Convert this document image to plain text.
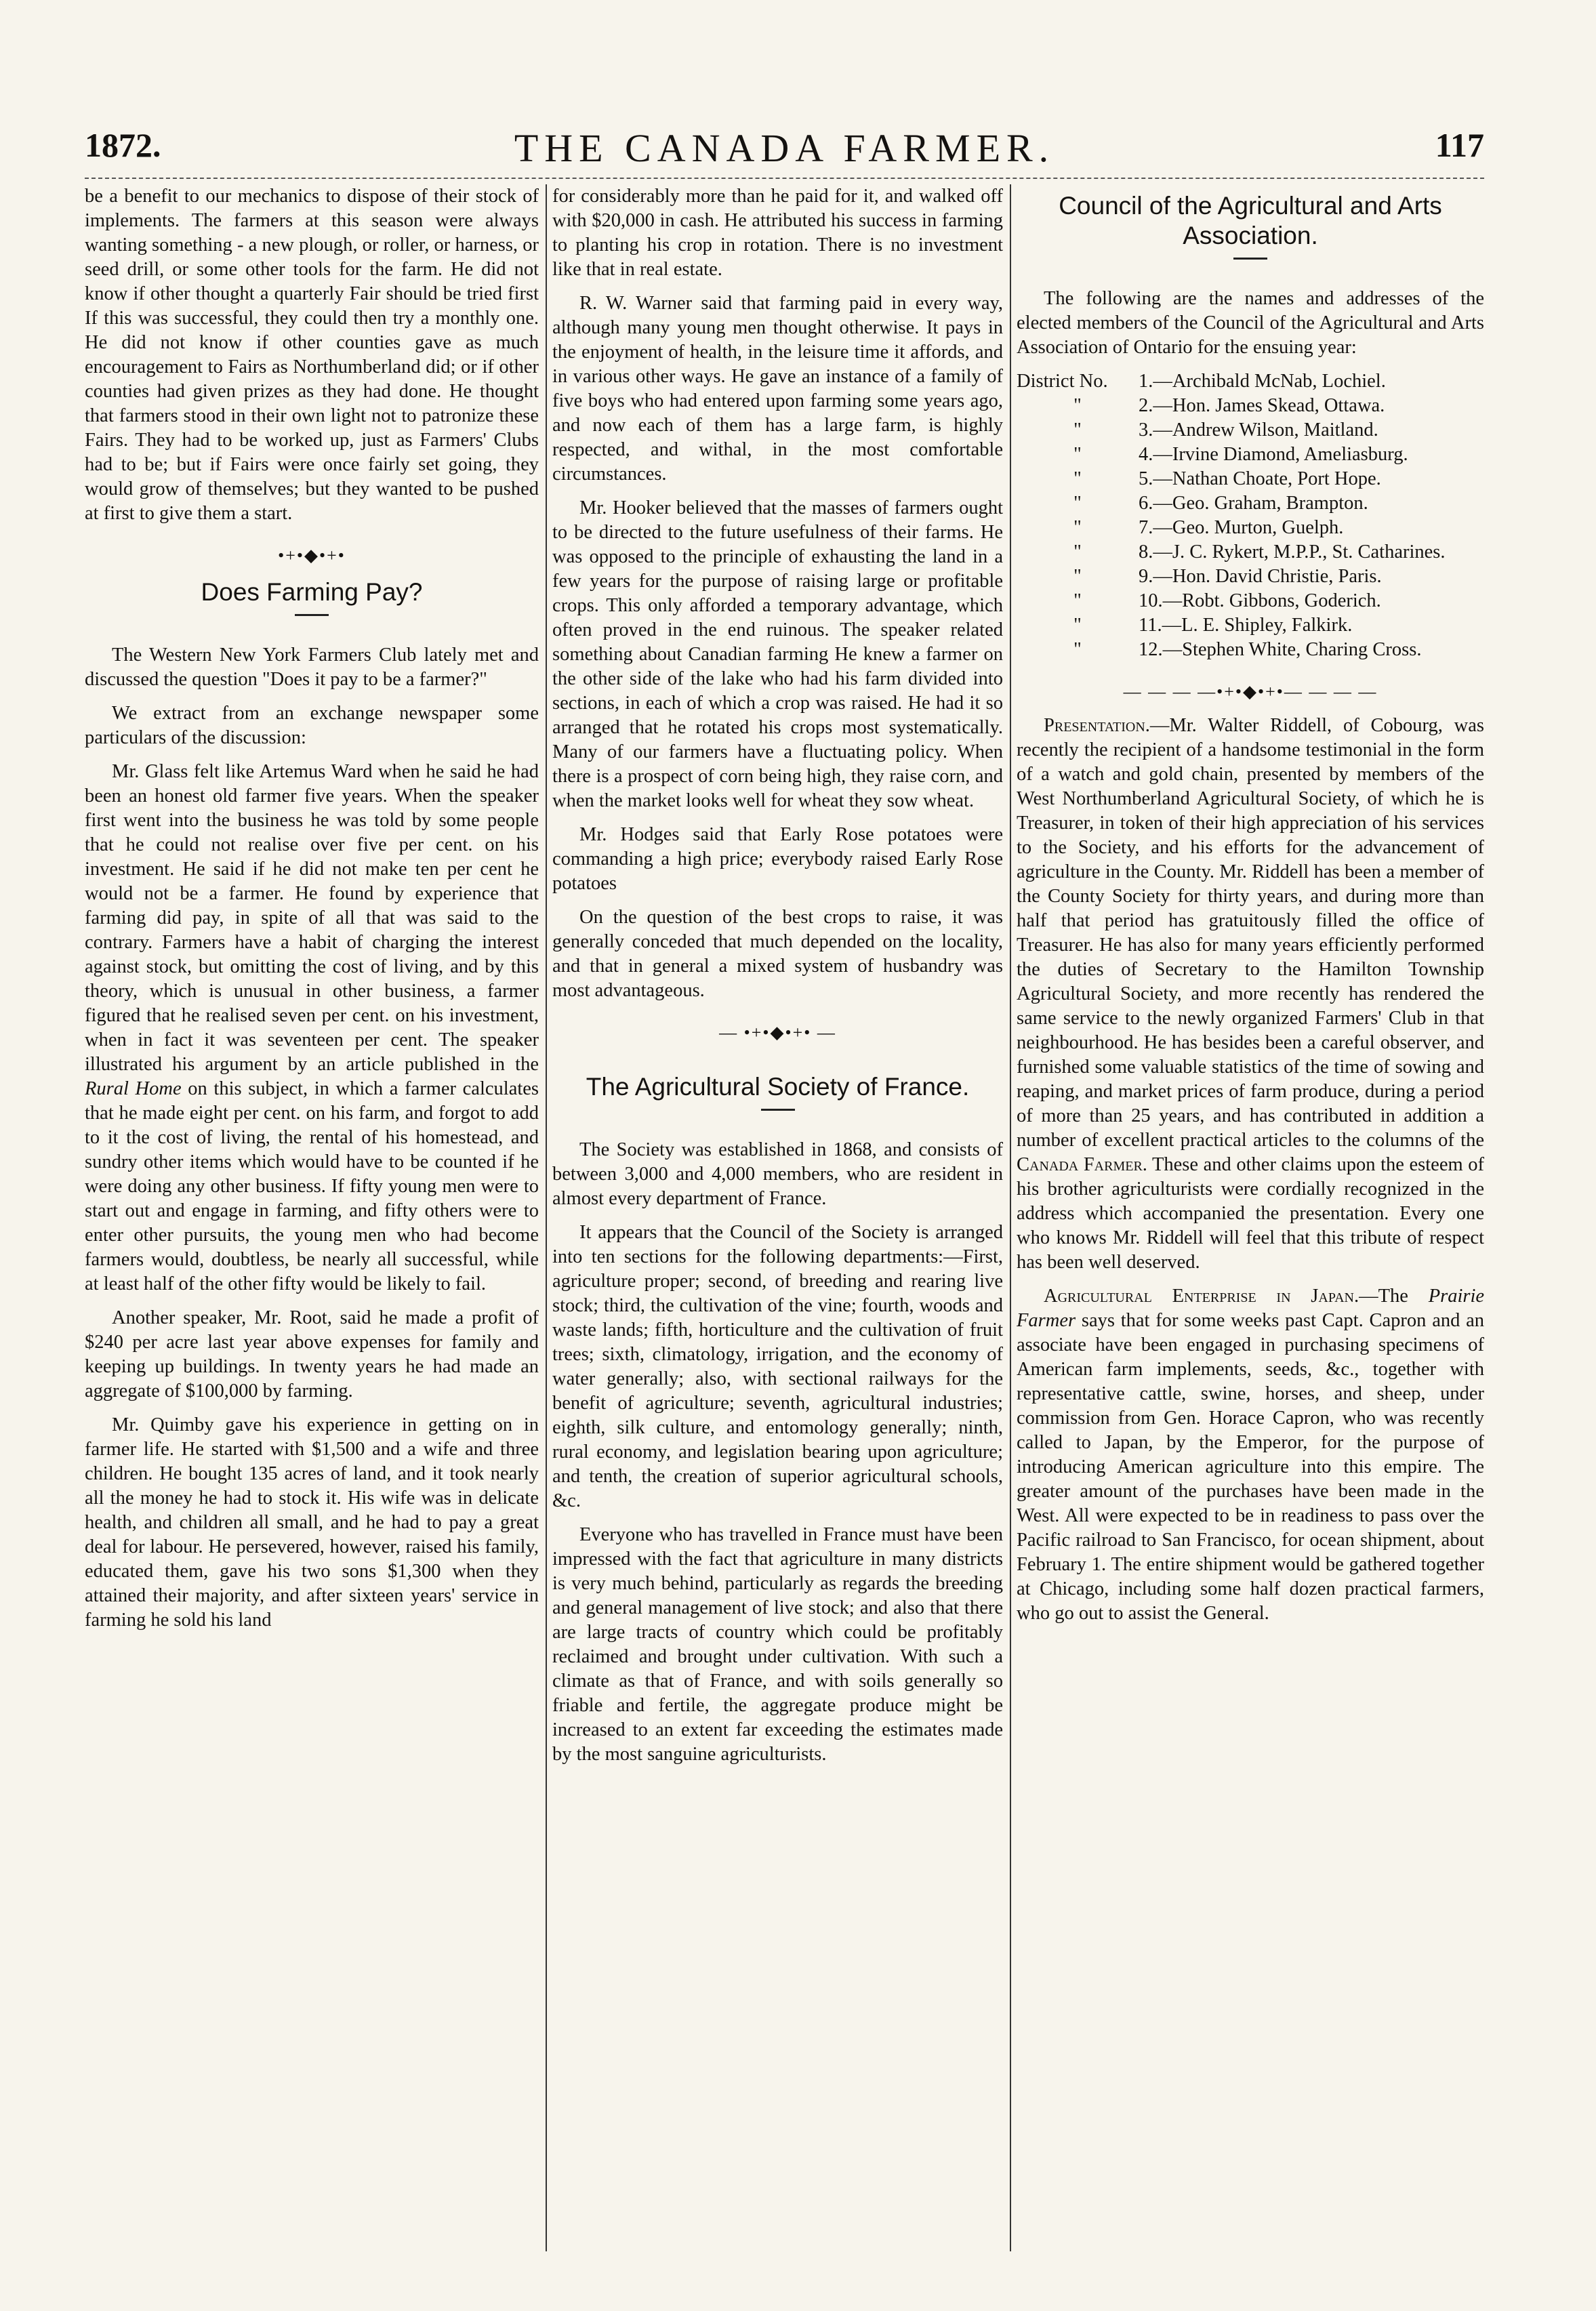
1872.	THE CANADA FARMER.	117

be a benefit to our mechanics to dispose of their stock of implements. The farmers at this season were always wanting something - a new plough, or roller, or harness, or seed drill, or some other tools for the farm. He did not know if other thought a quarterly Fair should be tried first If this was successful, they could then try a monthly one. He did not know if other counties gave as much encouragement to Fairs as Northumberland did; or if other counties had given prizes as they had done. He thought that farmers stood in their own light not to patronize these Fairs. They had to be worked up, just as Farmers' Clubs had to be; but if Fairs were once fairly set going, they would grow of themselves; but they wanted to be pushed at first to give them a start.

•+•◆•+•
Does Farming Pay?

The Western New York Farmers Club lately met and discussed the question "Does it pay to be a farmer?"

We extract from an exchange newspaper some particulars of the discussion:

Mr. Glass felt like Artemus Ward when he said he had been an honest old farmer five years. When the speaker first went into the business he was told by some people that he could not realise over five per cent. on his investment. He said if he did not make ten per cent he would not be a farmer. He found by experience that farming did pay, in spite of all that was said to the contrary. Farmers have a habit of charging the interest against stock, but omitting the cost of living, and by this theory, which is unusual in other business, a farmer figured that he realised seven per cent. on his investment, when in fact it was seventeen per cent. The speaker illustrated his argument by an article published in the Rural Home on this subject, in which a farmer calculates that he made eight per cent. on his farm, and forgot to add to it the cost of living, the rental of his homestead, and sundry other items which would have to be counted if he were doing any other business. If fifty young men were to start out and engage in farming, and fifty others were to enter other pursuits, the young men who had become farmers would, doubtless, be nearly all successful, while at least half of the other fifty would be likely to fail.

Another speaker, Mr. Root, said he made a profit of $240 per acre last year above expenses for family and keeping up buildings. In twenty years he had made an aggregate of $100,000 by farming.

Mr. Quimby gave his experience in getting on in farmer life. He started with $1,500 and a wife and three children. He bought 135 acres of land, and it took nearly all the money he had to stock it. His wife was in delicate health, and children all small, and he had to pay a great deal for labour. He persevered, however, raised his family, educated them, gave his two sons $1,300 when they attained their majority, and after sixteen years' service in farming he sold his land

for considerably more than he paid for it, and walked off with $20,000 in cash. He attributed his success in farming to planting his crop in rotation. There is no investment like that in real estate.

R. W. Warner said that farming paid in every way, although many young men thought otherwise. It pays in the enjoyment of health, in the leisure time it affords, and in various other ways. He gave an instance of a family of five boys who had entered upon farming some years ago, and now each of them has a large farm, is highly respected, and withal, in the most comfortable circumstances.

Mr. Hooker believed that the masses of farmers ought to be directed to the future usefulness of their farms. He was opposed to the principle of exhausting the land in a few years for the purpose of raising large or profitable crops. This only afforded a temporary advantage, which often proved in the end ruinous. The speaker related something about Canadian farming He knew a farmer on the other side of the lake who had his farm divided into sections, in each of which a crop was raised. He had it so arranged that he rotated his crops most systematically. Many of our farmers have a fluctuating policy. When there is a prospect of corn being high, they raise corn, and when the market looks well for wheat they sow wheat.

Mr. Hodges said that Early Rose potatoes were commanding a high price; everybody raised Early Rose potatoes

On the question of the best crops to raise, it was generally conceded that much depended on the locality, and that in general a mixed system of husbandry was most advantageous.

— •+•◆•+• —
The Agricultural Society of France.

The Society was established in 1868, and consists of between 3,000 and 4,000 members, who are resident in almost every department of France.

It appears that the Council of the Society is arranged into ten sections for the following departments:—First, agriculture proper; second, of breeding and rearing live stock; third, the cultivation of the vine; fourth, woods and waste lands; fifth, horticulture and the cultivation of fruit trees; sixth, climatology, irrigation, and the economy of water generally; also, with sectional railways for the benefit of agriculture; seventh, agricultural industries; eighth, silk culture, and entomology generally; ninth, rural economy, and legislation bearing upon agriculture; and tenth, the creation of superior agricultural schools, &c.

Everyone who has travelled in France must have been impressed with the fact that agriculture in many districts is very much behind, particularly as regards the breeding and general management of live stock; and also that there are large tracts of country which could be profitably reclaimed and brought under cultivation. With such a climate as that of France, and with soils generally so friable and fertile, the aggregate produce might be increased to an extent far exceeding the estimates made by the most sanguine agriculturists.

Council of the Agricultural and Arts Association.

The following are the names and addresses of the elected members of the Council of the Agricultural and Arts Association of Ontario for the ensuing year:

District No.	1.—Archibald McNab, Lochiel.
"	2.—Hon. James Skead, Ottawa.
"	3.—Andrew Wilson, Maitland.
"	4.—Irvine Diamond, Ameliasburg.
"	5.—Nathan Choate, Port Hope.
"	6.—Geo. Graham, Brampton.
"	7.—Geo. Murton, Guelph.
"	8.—J. C. Rykert, M.P.P., St. Catharines.
"	9.—Hon. David Christie, Paris.
"	10.—Robt. Gibbons, Goderich.
"	11.—L. E. Shipley, Falkirk.
"	12.—Stephen White, Charing Cross.
— — — —•+•◆•+•— — — —

Presentation.—Mr. Walter Riddell, of Cobourg, was recently the recipient of a handsome testimonial in the form of a watch and gold chain, presented by members of the West Northumberland Agricultural Society, of which he is Treasurer, in token of their high appreciation of his services to the Society, and his efforts for the advancement of agriculture in the County. Mr. Riddell has been a member of the County Society for thirty years, and during more than half that period has gratuitously filled the office of Treasurer. He has also for many years efficiently performed the duties of Secretary to the Hamilton Township Agricultural Society, and more recently has rendered the same service to the newly organized Farmers' Club in that neighbourhood. He has besides been a careful observer, and furnished some valuable statistics of the time of sowing and reaping, and market prices of farm produce, during a period of more than 25 years, and has contributed in addition a number of excellent practical articles to the columns of the Canada Farmer. These and other claims upon the esteem of his brother agriculturists were cordially recognized in the address which accompanied the presentation. Every one who knows Mr. Riddell will feel that this tribute of respect has been well deserved.

Agricultural Enterprise in Japan.—The Prairie Farmer says that for some weeks past Capt. Capron and an associate have been engaged in purchasing specimens of American farm implements, seeds, &c., together with representative cattle, swine, horses, and sheep, under commission from Gen. Horace Capron, who was recently called to Japan, by the Emperor, for the purpose of introducing American agriculture into this empire. The greater amount of the purchases have been made in the West. All were expected to be in readiness to pass over the Pacific railroad to San Francisco, for ocean shipment, about February 1. The entire shipment would be gathered together at Chicago, including some half dozen practical farmers, who go out to assist the General.
